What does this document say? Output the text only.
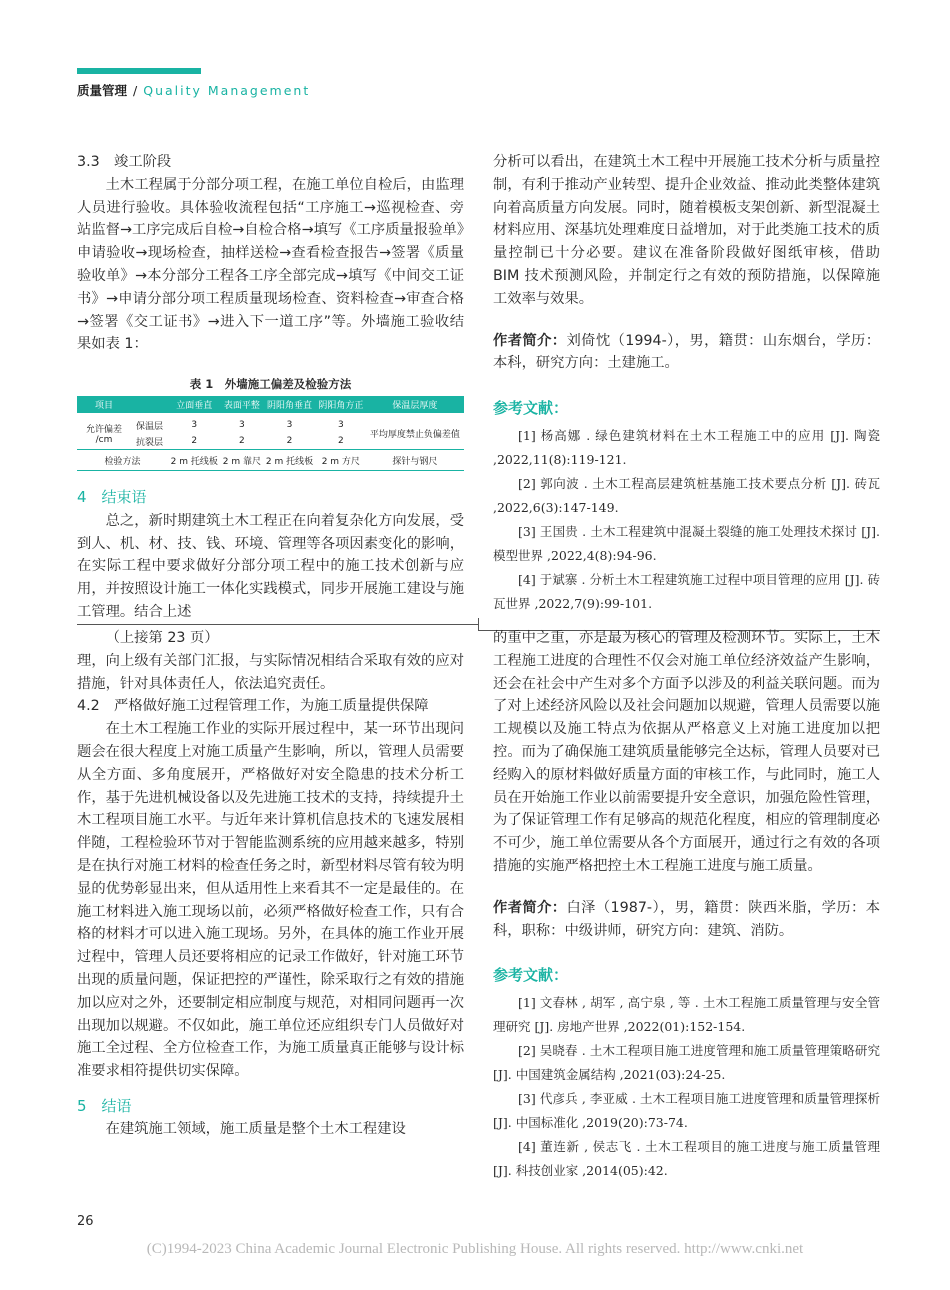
质量管理 / Quality Management

3.3　竣工阶段

土木工程属于分部分项工程，在施工单位自检后，由监理人员进行验收。具体验收流程包括“工序施工→巡视检查、旁站监督→工序完成后自检→自检合格→填写《工序质量报验单》申请验收→现场检查，抽样送检→查看检查报告→签署《质量验收单》→本分部分工程各工序全部完成→填写《中间交工证书》→申请分部分项工程质量现场检查、资料检查→审查合格→签署《交工证书》→进入下一道工序”等。外墙施工验收结果如表 1：

表 1　外墙施工偏差及检验方法
项目		立面垂直	表面平整	阴阳角垂直	阴阳角方正	保温层厚度
允许偏差 /cm	保温层	3	3	3	3	平均厚度禁止负偏差值
	抗裂层	2	2	2	2	
检验方法		2 m 托线板	2 m 靠尺	2 m 托线板	2 m 方尺	探针与钢尺

4　结束语

总之，新时期建筑土木工程正在向着复杂化方向发展，受到人、机、材、技、钱、环境、管理等各项因素变化的影响，在实际工程中要求做好分部分项工程中的施工技术创新与应用，并按照设计施工一体化实践模式，同步开展施工建设与施工管理。结合上述

分析可以看出，在建筑土木工程中开展施工技术分析与质量控制，有利于推动产业转型、提升企业效益、推动此类整体建筑向着高质量方向发展。同时，随着模板支架创新、新型混凝土材料应用、深基坑处理难度日益增加，对于此类施工技术的质量控制已十分必要。建议在准备阶段做好图纸审核，借助 BIM 技术预测风险，并制定行之有效的预防措施，以保障施工效率与效果。

作者简介：刘倚忱（1994-），男，籍贯：山东烟台，学历：本科，研究方向：土建施工。

参考文献：

[1] 杨高娜 . 绿色建筑材料在土木工程施工中的应用 [J]. 陶瓷 ,2022,11(8):119-121.

[2] 郭向波 . 土木工程高层建筑桩基施工技术要点分析 [J]. 砖瓦 ,2022,6(3):147-149.

[3] 王国贵 . 土木工程建筑中混凝土裂缝的施工处理技术探讨 [J]. 模型世界 ,2022,4(8):94-96.

[4] 于斌寨 . 分析土木工程建筑施工过程中项目管理的应用 [J]. 砖瓦世界 ,2022,7(9):99-101.

（上接第 23 页）

理，向上级有关部门汇报，与实际情况相结合采取有效的应对措施，针对具体责任人，依法追究责任。

4.2　严格做好施工过程管理工作，为施工质量提供保障

在土木工程施工作业的实际开展过程中，某一环节出现问题会在很大程度上对施工质量产生影响，所以，管理人员需要从全方面、多角度展开，严格做好对安全隐患的技术分析工作，基于先进机械设备以及先进施工技术的支持，持续提升土木工程项目施工水平。与近年来计算机信息技术的飞速发展相伴随，工程检验环节对于智能监测系统的应用越来越多，特别是在执行对施工材料的检查任务之时，新型材料尽管有较为明显的优势彰显出来，但从适用性上来看其不一定是最佳的。在施工材料进入施工现场以前，必须严格做好检查工作，只有合格的材料才可以进入施工现场。另外，在具体的施工作业开展过程中，管理人员还要将相应的记录工作做好，针对施工环节出现的质量问题，保证把控的严谨性，除采取行之有效的措施加以应对之外，还要制定相应制度与规范，对相同问题再一次出现加以规避。不仅如此，施工单位还应组织专门人员做好对施工全过程、全方位检查工作，为施工质量真正能够与设计标准要求相符提供切实保障。

5　结语

在建筑施工领域，施工质量是整个土木工程建设

的重中之重，亦是最为核心的管理及检测环节。实际上，土木工程施工进度的合理性不仅会对施工单位经济效益产生影响，还会在社会中产生对多个方面予以涉及的利益关联问题。而为了对上述经济风险以及社会问题加以规避，管理人员需要以施工规模以及施工特点为依据从严格意义上对施工进度加以把控。而为了确保施工建筑质量能够完全达标，管理人员要对已经购入的原材料做好质量方面的审核工作，与此同时，施工人员在开始施工作业以前需要提升安全意识，加强危险性管理，为了保证管理工作有足够高的规范化程度，相应的管理制度必不可少，施工单位需要从各个方面展开，通过行之有效的各项措施的实施严格把控土木工程施工进度与施工质量。

作者简介：白泽（1987-），男，籍贯：陕西米脂，学历：本科，职称：中级讲师，研究方向：建筑、消防。

参考文献：

[1] 文春林 , 胡军 , 高宁泉 , 等 . 土木工程施工质量管理与安全管理研究 [J]. 房地产世界 ,2022(01):152-154.

[2] 吴晓春 . 土木工程项目施工进度管理和施工质量管理策略研究 [J]. 中国建筑金属结构 ,2021(03):24-25.

[3] 代彦兵 , 李亚威 . 土木工程项目施工进度管理和质量管理探析 [J]. 中国标准化 ,2019(20):73-74.

[4] 董连新 , 侯志飞 . 土木工程项目的施工进度与施工质量管理 [J]. 科技创业家 ,2014(05):42.

26
(C)1994-2023 China Academic Journal Electronic Publishing House. All rights reserved. http://www.cnki.net
